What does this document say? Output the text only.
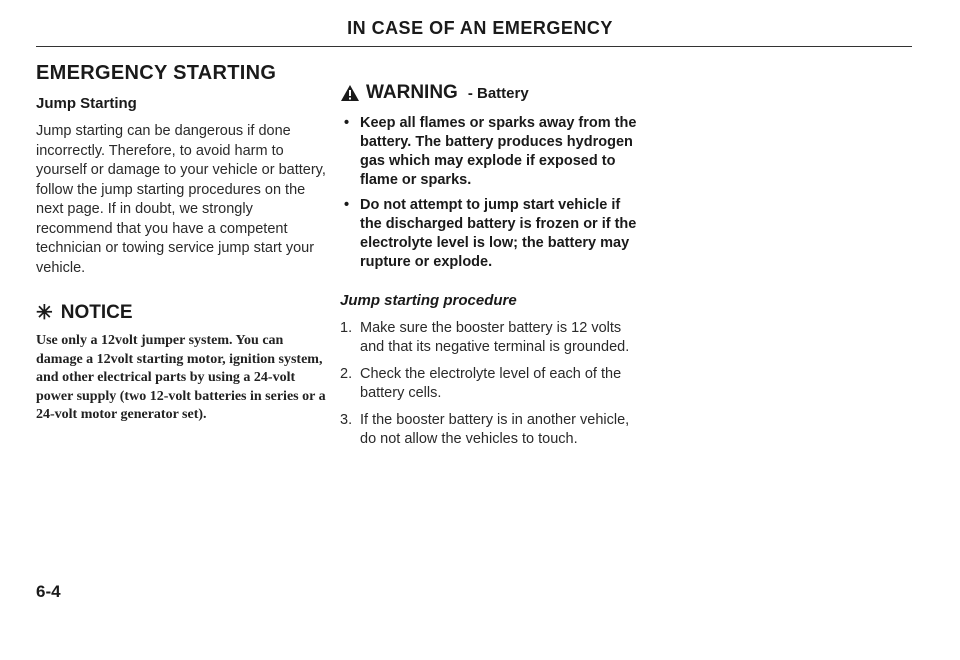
IN CASE OF AN EMERGENCY
EMERGENCY STARTING
Jump Starting

Jump starting can be dangerous if done incorrectly. Therefore, to avoid harm to yourself or damage to your vehicle or battery, follow the jump starting procedures on the next page. If in doubt, we strongly recommend that you have a competent technician or towing service jump start your vehicle.

✳ NOTICE

Use only a 12volt jumper system. You can damage a 12volt starting motor, ignition system, and other electrical parts by using a 24-volt power supply (two 12-volt batteries in series or a 24-volt motor generator set).

WARNING - Battery
• Keep all flames or sparks away from the battery. The battery produces hydrogen gas which may explode if exposed to flame or sparks.
• Do not attempt to jump start vehicle if the discharged battery is frozen or if the electrolyte level is low; the battery may rupture or explode.
Jump starting procedure
1. Make sure the booster battery is 12 volts and that its negative terminal is grounded.
2. Check the electrolyte level of each of the battery cells.
3. If the booster battery is in another vehicle, do not allow the vehicles to touch.
6-4
